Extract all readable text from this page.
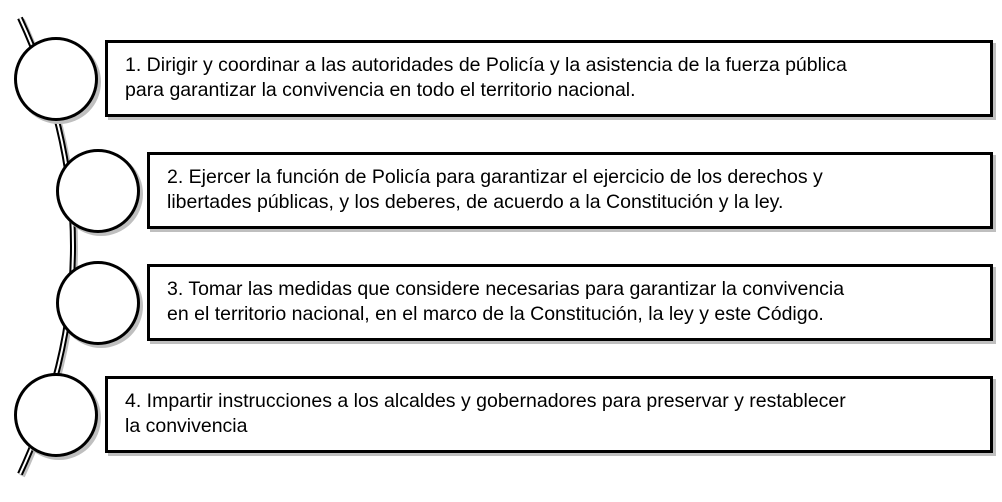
1. Dirigir y coordinar a las autoridades de Policía y la asistencia de la fuerza pública
para garantizar la convivencia en todo el territorio nacional.
2. Ejercer la función de Policía para garantizar el ejercicio de los derechos y
libertades públicas, y los deberes, de acuerdo a la Constitución y la ley.
3. Tomar las medidas que considere necesarias para garantizar la convivencia
en el territorio nacional, en el marco de la Constitución, la ley y este Código.
4. Impartir instrucciones a los alcaldes y gobernadores para preservar y restablecer
la convivencia
